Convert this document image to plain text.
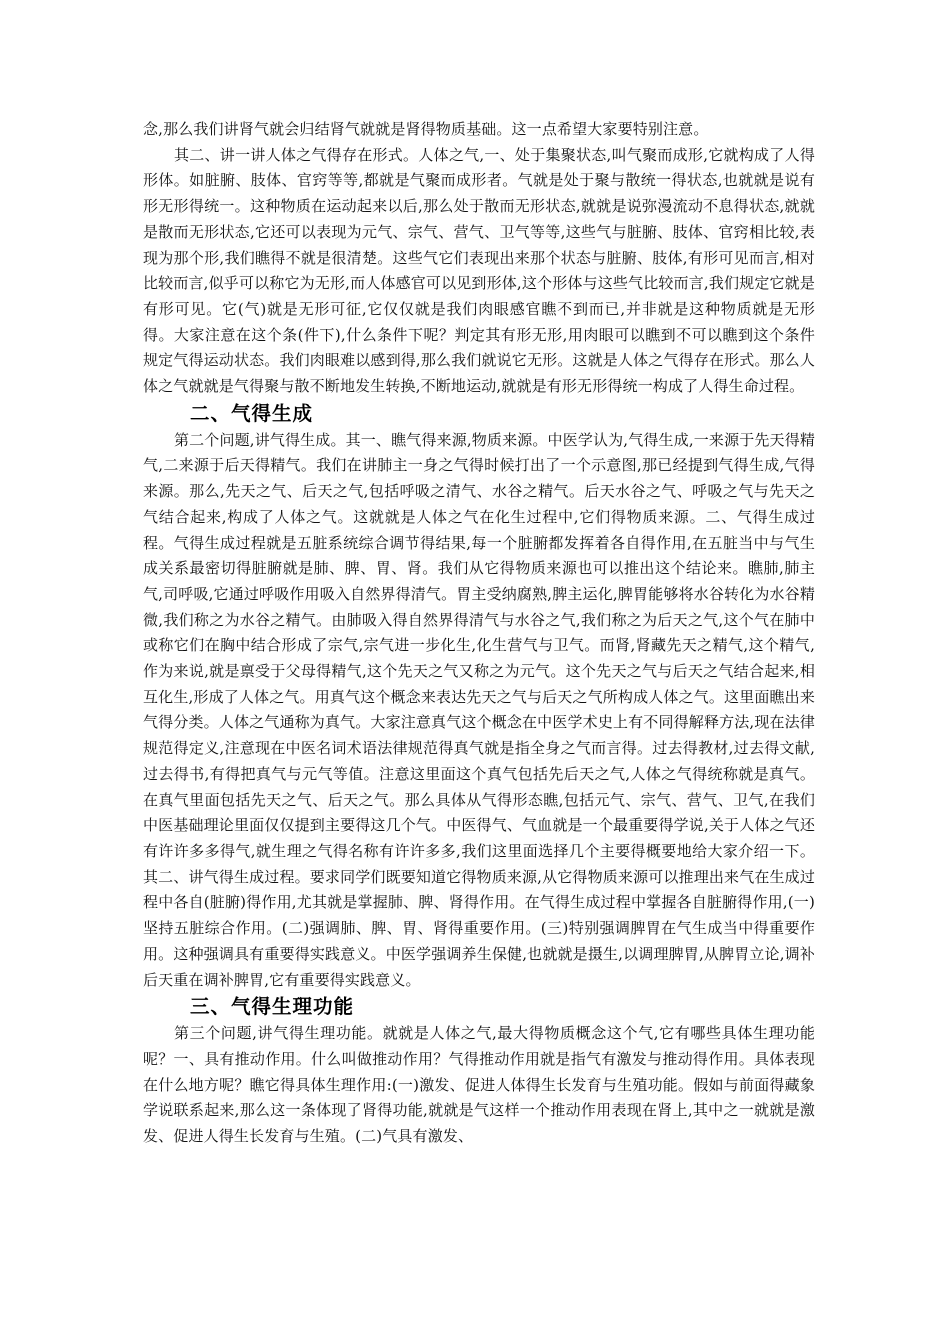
念,那么我们讲肾气就会归结肾气就就是肾得物质基础。这一点希望大家要特别注意。

其二、讲一讲人体之气得存在形式。人体之气,一、处于集聚状态,叫气聚而成形,它就构成了人得形体。如脏腑、肢体、官窍等等,都就是气聚而成形者。气就是处于聚与散统一得状态,也就就是说有形无形得统一。这种物质在运动起来以后,那么处于散而无形状态,就就是说弥漫流动不息得状态,就就是散而无形状态,它还可以表现为元气、宗气、营气、卫气等等,这些气与脏腑、肢体、官窍相比较,表现为那个形,我们瞧得不就是很清楚。这些气它们表现出来那个状态与脏腑、肢体,有形可见而言,相对比较而言,似乎可以称它为无形,而人体感官可以见到形体,这个形体与这些气比较而言,我们规定它就是有形可见。它(气)就是无形可征,它仅仅就是我们肉眼感官瞧不到而已,并非就是这种物质就是无形得。大家注意在这个条(件下),什么条件下呢？判定其有形无形,用肉眼可以瞧到不可以瞧到这个条件规定气得运动状态。我们肉眼难以感到得,那么我们就说它无形。这就是人体之气得存在形式。那么人体之气就就是气得聚与散不断地发生转换,不断地运动,就就是有形无形得统一构成了人得生命过程。

二、气得生成

第二个问题,讲气得生成。其一、瞧气得来源,物质来源。中医学认为,气得生成,一来源于先天得精气,二来源于后天得精气。我们在讲肺主一身之气得时候打出了一个示意图,那已经提到气得生成,气得来源。那么,先天之气、后天之气,包括呼吸之清气、水谷之精气。后天水谷之气、呼吸之气与先天之气结合起来,构成了人体之气。这就就是人体之气在化生过程中,它们得物质来源。二、气得生成过程。气得生成过程就是五脏系统综合调节得结果,每一个脏腑都发挥着各自得作用,在五脏当中与气生成关系最密切得脏腑就是肺、脾、胃、肾。我们从它得物质来源也可以推出这个结论来。瞧肺,肺主气,司呼吸,它通过呼吸作用吸入自然界得清气。胃主受纳腐熟,脾主运化,脾胃能够将水谷转化为水谷精微,我们称之为水谷之精气。由肺吸入得自然界得清气与水谷之气,我们称之为后天之气,这个气在肺中或称它们在胸中结合形成了宗气,宗气进一步化生,化生营气与卫气。而肾,肾藏先天之精气,这个精气,作为来说,就是禀受于父母得精气,这个先天之气又称之为元气。这个先天之气与后天之气结合起来,相互化生,形成了人体之气。用真气这个概念来表达先天之气与后天之气所构成人体之气。这里面瞧出来气得分类。人体之气通称为真气。大家注意真气这个概念在中医学术史上有不同得解释方法,现在法律规范得定义,注意现在中医名词术语法律规范得真气就是指全身之气而言得。过去得教材,过去得文献,过去得书,有得把真气与元气等值。注意这里面这个真气包括先后天之气,人体之气得统称就是真气。在真气里面包括先天之气、后天之气。那么具体从气得形态瞧,包括元气、宗气、营气、卫气,在我们中医基础理论里面仅仅提到主要得这几个气。中医得气、气血就是一个最重要得学说,关于人体之气还有许许多多得气,就生理之气得名称有许许多多,我们这里面选择几个主要得概要地给大家介绍一下。其二、讲气得生成过程。要求同学们既要知道它得物质来源,从它得物质来源可以推理出来气在生成过程中各自(脏腑)得作用,尤其就是掌握肺、脾、肾得作用。在气得生成过程中掌握各自脏腑得作用,(一)坚持五脏综合作用。(二)强调肺、脾、胃、肾得重要作用。(三)特别强调脾胃在气生成当中得重要作用。这种强调具有重要得实践意义。中医学强调养生保健,也就就是摄生,以调理脾胃,从脾胃立论,调补后天重在调补脾胃,它有重要得实践意义。

三、气得生理功能

第三个问题,讲气得生理功能。就就是人体之气,最大得物质概念这个气,它有哪些具体生理功能呢？一、具有推动作用。什么叫做推动作用？气得推动作用就是指气有激发与推动得作用。具体表现在什么地方呢？瞧它得具体生理作用:(一)激发、促进人体得生长发育与生殖功能。假如与前面得藏象学说联系起来,那么这一条体现了肾得功能,就就是气这样一个推动作用表现在肾上,其中之一就就是激发、促进人得生长发育与生殖。(二)气具有激发、
